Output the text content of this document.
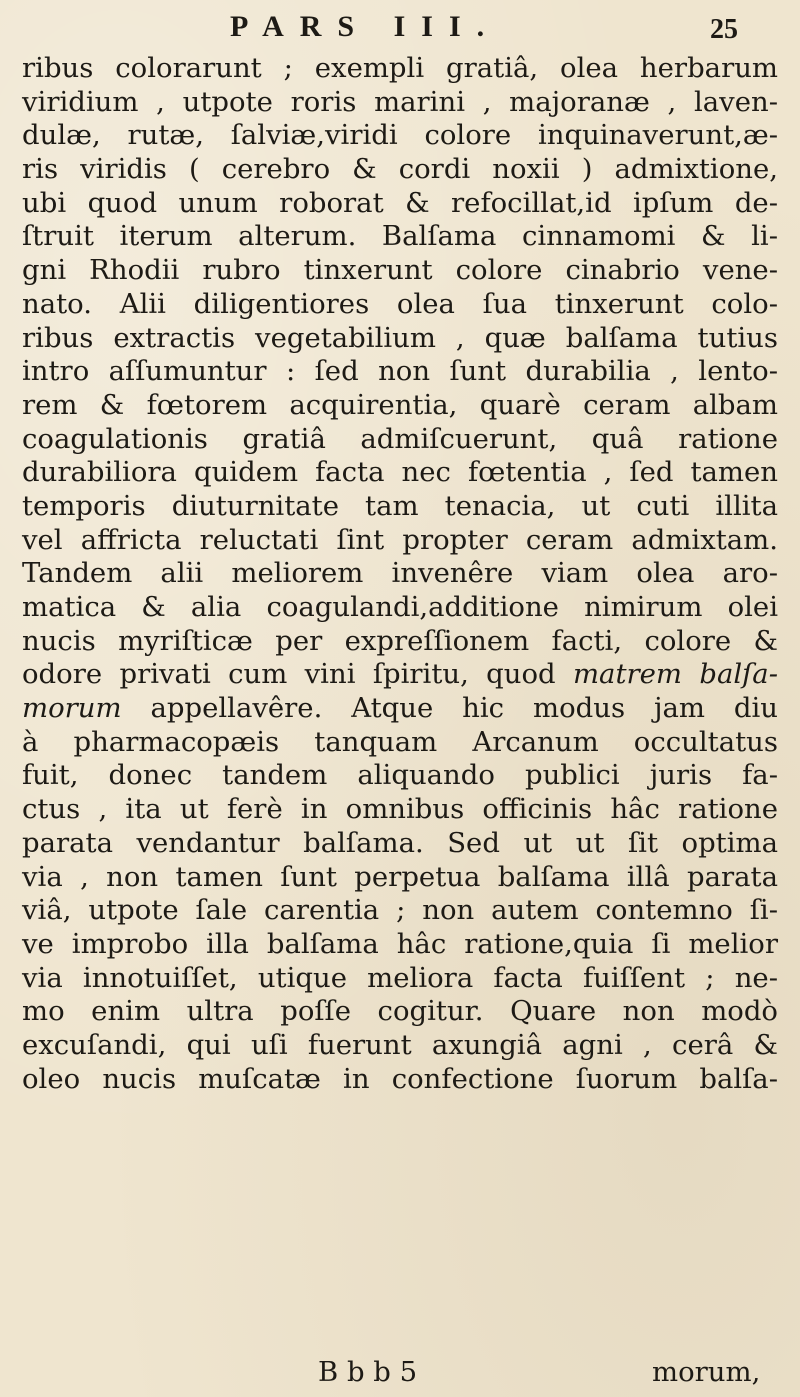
PARS III.	25
ribus colorarunt ; exempli gratiâ, olea herbarum
viridium , utpote roris marini , majoranæ , laven-
dulæ, rutæ, ſalviæ,viridi colore inquinaverunt,æ-
ris viridis ( cerebro & cordi noxii ) admixtione,
ubi quod unum roborat & refocillat,id ipſum de-
ſtruit iterum alterum. Balſama cinnamomi & li-
gni Rhodii rubro tinxerunt colore cinabrio vene-
nato. Alii diligentiores olea ſua tinxerunt colo-
ribus extractis vegetabilium , quæ balſama tutius
intro aſſumuntur : ſed non ſunt durabilia , lento-
rem & fœtorem acquirentia, quarè ceram albam
coagulationis gratiâ admiſcuerunt, quâ ratione
durabiliora quidem facta nec fœtentia , ſed tamen
temporis diuturnitate tam tenacia, ut cuti illita
vel affricta reluctati ſint propter ceram admixtam.
Tandem alii meliorem invenêre viam olea aro-
matica & alia coagulandi,additione nimirum olei
nucis myriſticæ per expreſſionem facti, colore &
odore privati cum vini ſpiritu, quod matrem balſa-
morum appellavêre. Atque hic modus jam diu
à pharmacopæis tanquam Arcanum occultatus
fuit, donec tandem aliquando publici juris fa-
ctus , ita ut ferè in omnibus officinis hâc ratione
parata vendantur balſama. Sed ut ut ſit optima
via , non tamen ſunt perpetua balſama illâ parata
viâ, utpote ſale carentia ; non autem contemno ſi-
ve improbo illa balſama hâc ratione,quia ſi melior
via innotuiſſet, utique meliora facta fuiſſent ; ne-
mo enim ultra poſſe cogitur. Quare non modò
excuſandi, qui uſi fuerunt axungiâ agni , cerâ &
oleo nucis muſcatæ in confectione ſuorum balſa-
B b b 5	morum,
